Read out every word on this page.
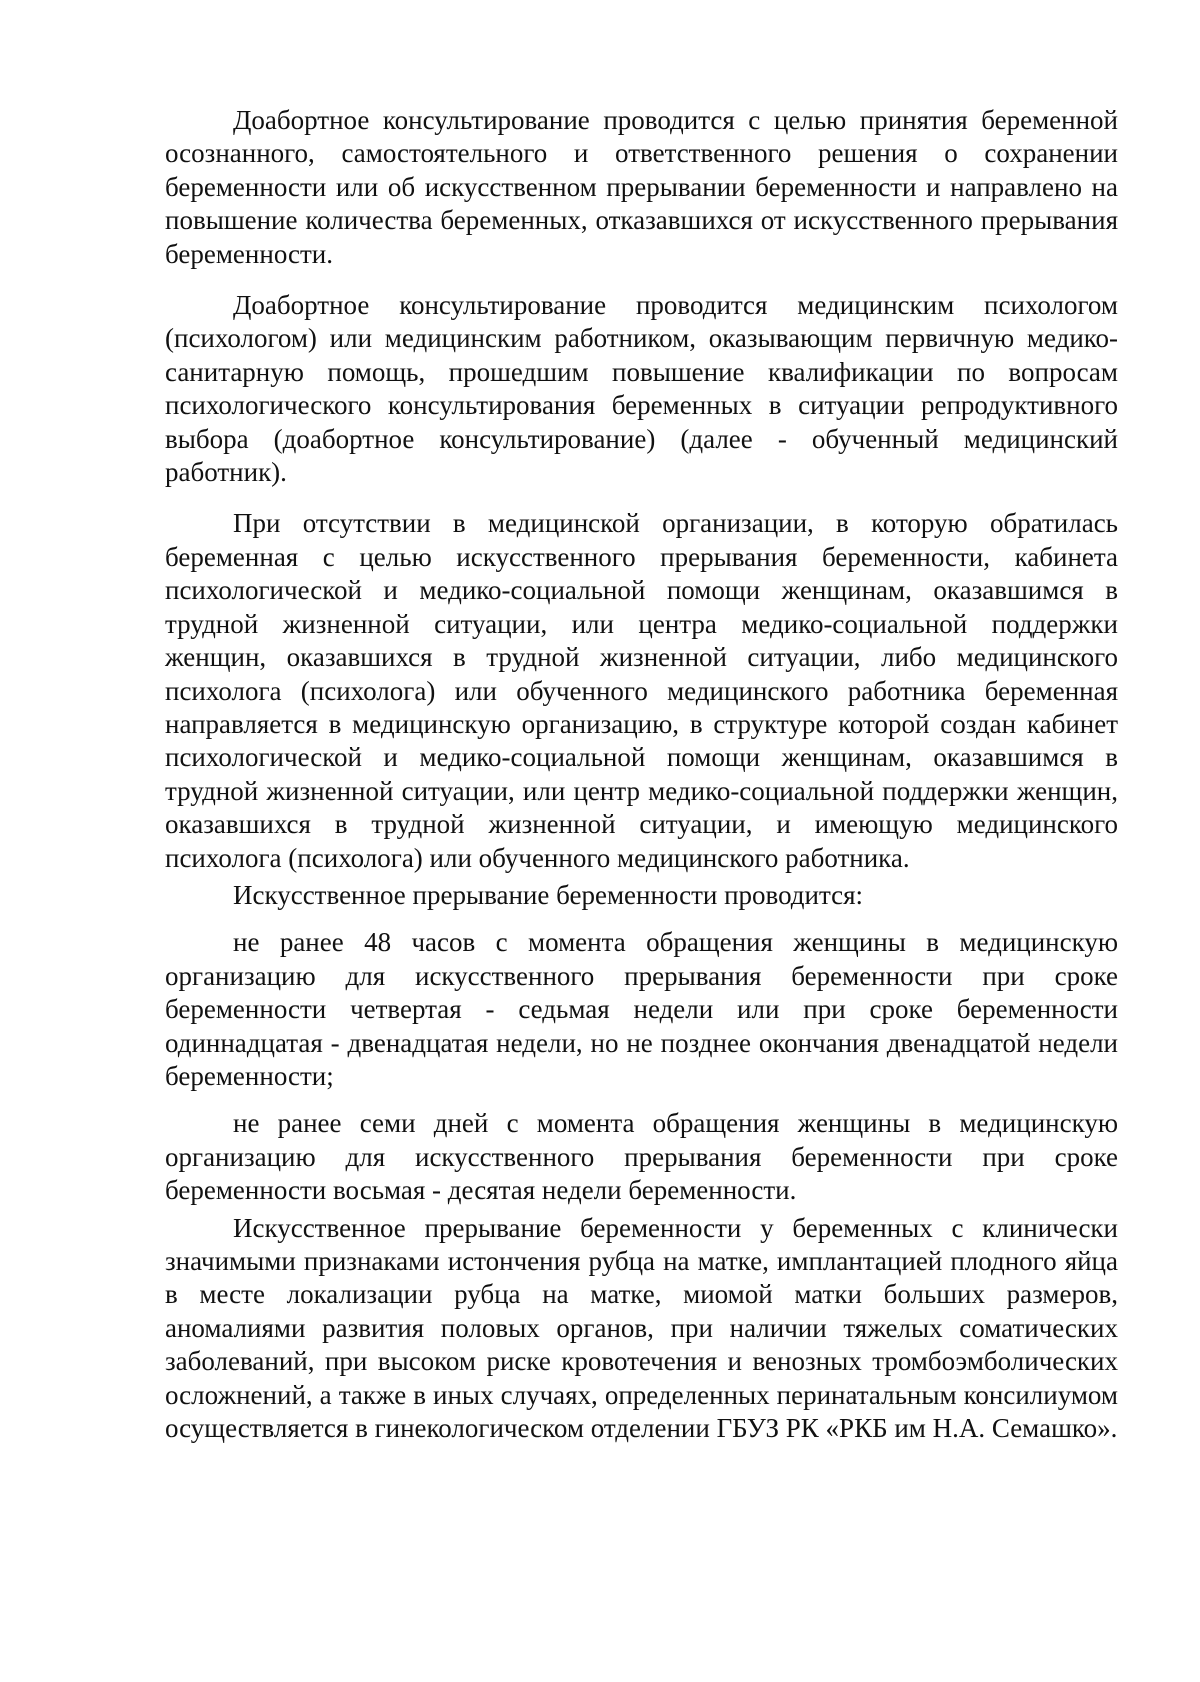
Доабортное консультирование проводится с целью принятия беременной осознанного, самостоятельного и ответственного решения о сохранении беременности или об искусственном прерывании беременности и направлено на повышение количества беременных, отказавшихся от искусственного прерывания беременности.

Доабортное консультирование проводится медицинским психологом (психологом) или медицинским работником, оказывающим первичную медико-санитарную помощь, прошедшим повышение квалификации по вопросам психологического консультирования беременных в ситуации репродуктивного выбора (доабортное консультирование) (далее - обученный медицинский работник).

При отсутствии в медицинской организации, в которую обратилась беременная с целью искусственного прерывания беременности, кабинета психологической и медико-социальной помощи женщинам, оказавшимся в трудной жизненной ситуации, или центра медико-социальной поддержки женщин, оказавшихся в трудной жизненной ситуации, либо медицинского психолога (психолога) или обученного медицинского работника беременная направляется в медицинскую организацию, в структуре которой создан кабинет психологической и медико-социальной помощи женщинам, оказавшимся в трудной жизненной ситуации, или центр медико-социальной поддержки женщин, оказавшихся в трудной жизненной ситуации, и имеющую медицинского психолога (психолога) или обученного медицинского работника.

Искусственное прерывание беременности проводится:

не ранее 48 часов с момента обращения женщины в медицинскую организацию для искусственного прерывания беременности при сроке беременности четвертая - седьмая недели или при сроке беременности одиннадцатая - двенадцатая недели, но не позднее окончания двенадцатой недели беременности;

не ранее семи дней с момента обращения женщины в медицинскую организацию для искусственного прерывания беременности при сроке беременности восьмая - десятая недели беременности.

Искусственное прерывание беременности у беременных с клинически значимыми признаками истончения рубца на матке, имплантацией плодного яйца в месте локализации рубца на матке, миомой матки больших размеров, аномалиями развития половых органов, при наличии тяжелых соматических заболеваний, при высоком риске кровотечения и венозных тромбоэмболических осложнений, а также в иных случаях, определенных перинатальным консилиумом осуществляется в гинекологическом отделении ГБУЗ РК «РКБ им Н.А. Семашко».
